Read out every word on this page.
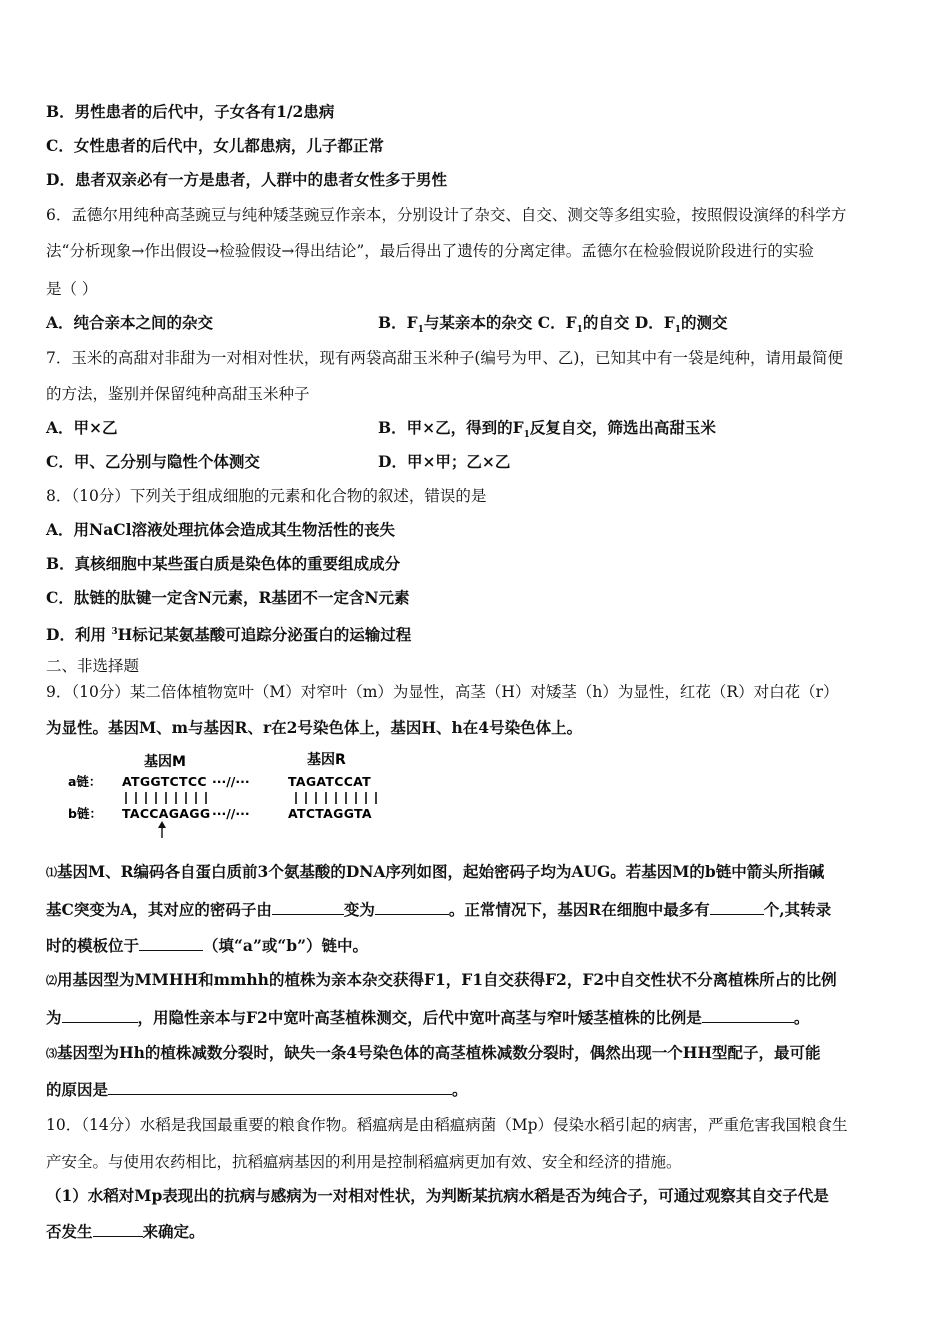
B．男性患者的后代中，子女各有1/2患病
C．女性患者的后代中，女儿都患病，儿子都正常
D．患者双亲必有一方是患者，人群中的患者女性多于男性
6．孟德尔用纯种高茎豌豆与纯种矮茎豌豆作亲本，分别设计了杂交、自交、测交等多组实验，按照假设演绎的科学方
法“分析现象→作出假设→检验假设→得出结论”，最后得出了遗传的分离定律。孟德尔在检验假说阶段进行的实验
是（ ）
A．纯合亲本之间的杂交	B．$F_1$与某亲本的杂交 C．$F_1$的自交 D．$F_1$的测交
7．玉米的高甜对非甜为一对相对性状，现有两袋高甜玉米种子(编号为甲、乙)，已知其中有一袋是纯种，请用最简便
的方法，鉴别并保留纯种高甜玉米种子
A．甲×乙	B．甲×乙，得到的$F_1$反复自交，筛选出高甜玉米
C．甲、乙分别与隐性个体测交	D．甲×甲；乙×乙
8．（10分）下列关于组成细胞的元素和化合物的叙述，错误的是
A．用NaCl溶液处理抗体会造成其生物活性的丧失
B．真核细胞中某些蛋白质是染色体的重要组成成分
C．肽链的肽键一定含N元素，R基团不一定含N元素
D．利用 $^3$H标记某氨基酸可追踪分泌蛋白的运输过程
二、非选择题
9．（10分）某二倍体植物宽叶（M）对窄叶（m）为显性，高茎（H）对矮茎（h）为显性，红花（R）对白花（r）
为显性。基因M、m与基因R、r在2号染色体上，基因H、h在4号染色体上。
基因M	基因R
a链： ATGGTCTCC ···//···	TAGATCCAT
b链： TACCAGAGG ···//···	ATCTAGGTA
⑴基因M、R编码各自蛋白质前3个氨基酸的DNA序列如图，起始密码子均为AUG。若基因M的b链中箭头所指碱
基C突变为A，其对应的密码子由	变为	。正常情况下，基因R在细胞中最多有	个,其转录
时的模板位于	（填“a”或“b”）链中。
⑵用基因型为MMHH和mmhh的植株为亲本杂交获得F1，F1自交获得F2，F2中自交性状不分离植株所占的比例
为	，用隐性亲本与F2中宽叶高茎植株测交，后代中宽叶高茎与窄叶矮茎植株的比例是	。
⑶基因型为Hh的植株减数分裂时，缺失一条4号染色体的高茎植株减数分裂时，偶然出现一个HH型配子，最可能
的原因是	。
10．（14分）水稻是我国最重要的粮食作物。稻瘟病是由稻瘟病菌（Mp）侵染水稻引起的病害，严重危害我国粮食生
产安全。与使用农药相比，抗稻瘟病基因的利用是控制稻瘟病更加有效、安全和经济的措施。
（1）水稻对Mp表现出的抗病与感病为一对相对性状，为判断某抗病水稻是否为纯合子，可通过观察其自交子代是
否发生	来确定。
